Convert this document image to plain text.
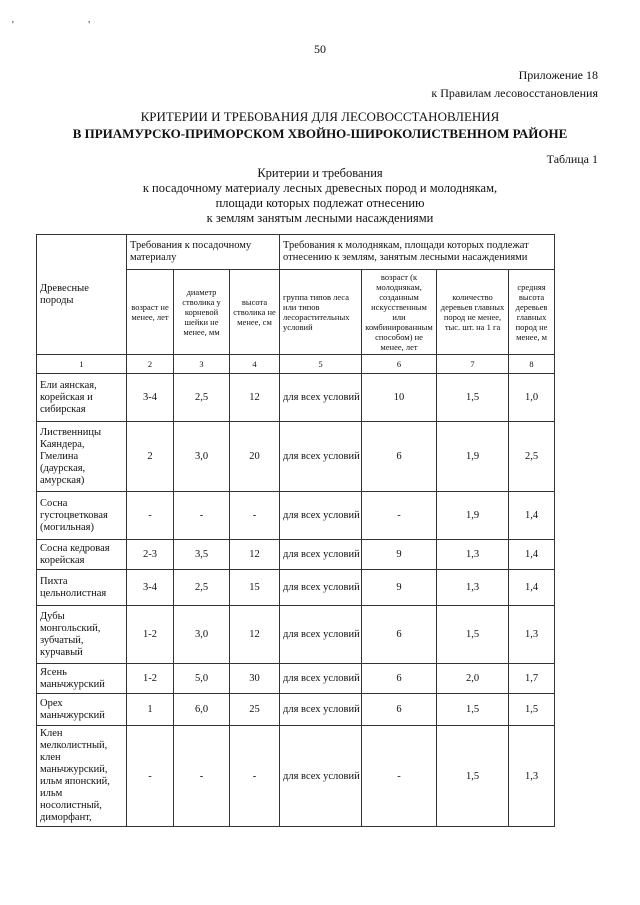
' '
50
Приложение 18
к Правилам лесовосстановления
КРИТЕРИИ И ТРЕБОВАНИЯ ДЛЯ ЛЕСОВОССТАНОВЛЕНИЯ
В ПРИАМУРСКО-ПРИМОРСКОМ ХВОЙНО-ШИРОКОЛИСТВЕННОМ РАЙОНЕ
Таблица 1
Критерии и требования
к посадочному материалу лесных древесных пород и молоднякам,
площади которых подлежат отнесению
к землям занятым лесными насаждениями
Древесные породы	Требования к посадочному материалу			Требования к молоднякам, площади которых подлежат отнесению к землям, занятым лесными насаждениями			
	возраст не менее, лет	диаметр стволика у корневой шейки не менее, мм	высота стволика не менее, см	группа типов леса или типов лесорастительных условий	возраст (к молоднякам, созданным искусственным или комбинированным способом) не менее, лет	количество деревьев главных пород не менее, тыс. шт. на 1 га	средняя высота деревьев главных пород не менее, м
1	2	3	4	5	6	7	8
Ели аянская, корейская и сибирская	3-4	2,5	12	для всех условий	10	1,5	1,0
Лиственницы Каяндера, Гмелина (даурская, амурская)	2	3,0	20	для всех условий	6	1,9	2,5
Сосна густоцветковая (могильная)	-	-	-	для всех условий	-	1,9	1,4
Сосна кедровая корейская	2-3	3,5	12	для всех условий	9	1,3	1,4
Пихта цельнолистная	3-4	2,5	15	для всех условий	9	1,3	1,4
Дубы монгольский, зубчатый, курчавый	1-2	3,0	12	для всех условий	6	1,5	1,3
Ясень маньчжурский	1-2	5,0	30	для всех условий	6	2,0	1,7
Орех маньчжурский	1	6,0	25	для всех условий	6	1,5	1,5
Клен мелколистный, клен маньчжурский, ильм японский, ильм носолистный, диморфант,	-	-	-	для всех условий	-	1,5	1,3
